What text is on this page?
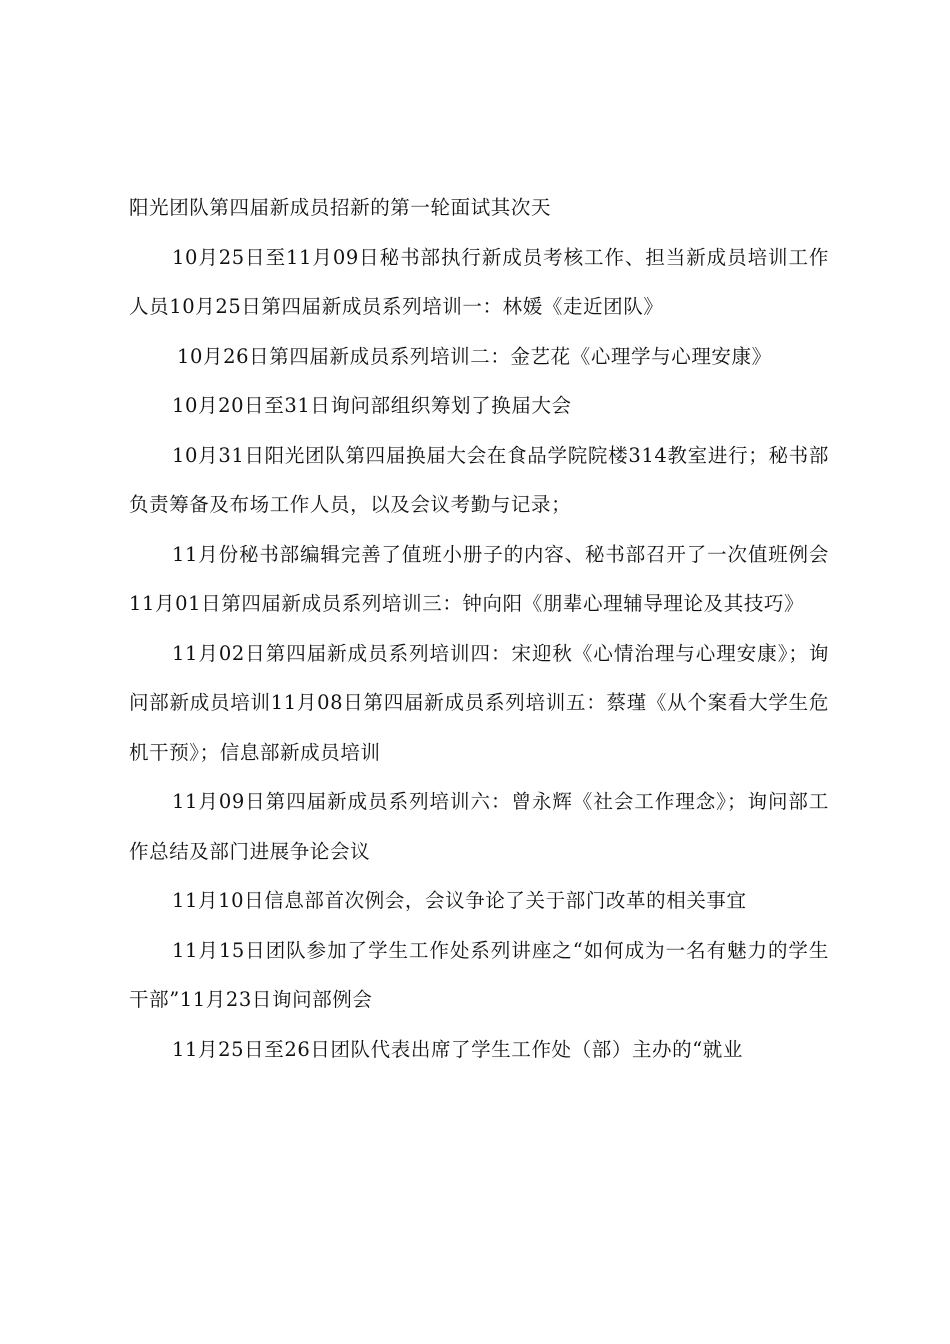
阳光团队第四届新成员招新的第一轮面试其次天

10月25日至11月09日秘书部执行新成员考核工作、担当新成员培训工作人员10月25日第四届新成员系列培训一：林媛《走近团队》

10月26日第四届新成员系列培训二：金艺花《心理学与心理安康》

10月20日至31日询问部组织筹划了换届大会

10月31日阳光团队第四届换届大会在食品学院院楼314教室进行；秘书部负责筹备及布场工作人员，以及会议考勤与记录；

11月份秘书部编辑完善了值班小册子的内容、秘书部召开了一次值班例会11月01日第四届新成员系列培训三：钟向阳《朋辈心理辅导理论及其技巧》

11月02日第四届新成员系列培训四：宋迎秋《心情治理与心理安康》；询问部新成员培训11月08日第四届新成员系列培训五：蔡瑾《从个案看大学生危机干预》；信息部新成员培训

11月09日第四届新成员系列培训六：曾永辉《社会工作理念》；询问部工作总结及部门进展争论会议

11月10日信息部首次例会，会议争论了关于部门改革的相关事宜

11月15日团队参加了学生工作处系列讲座之“如何成为一名有魅力的学生干部”11月23日询问部例会

11月25日至26日团队代表出席了学生工作处（部）主办的“就业
